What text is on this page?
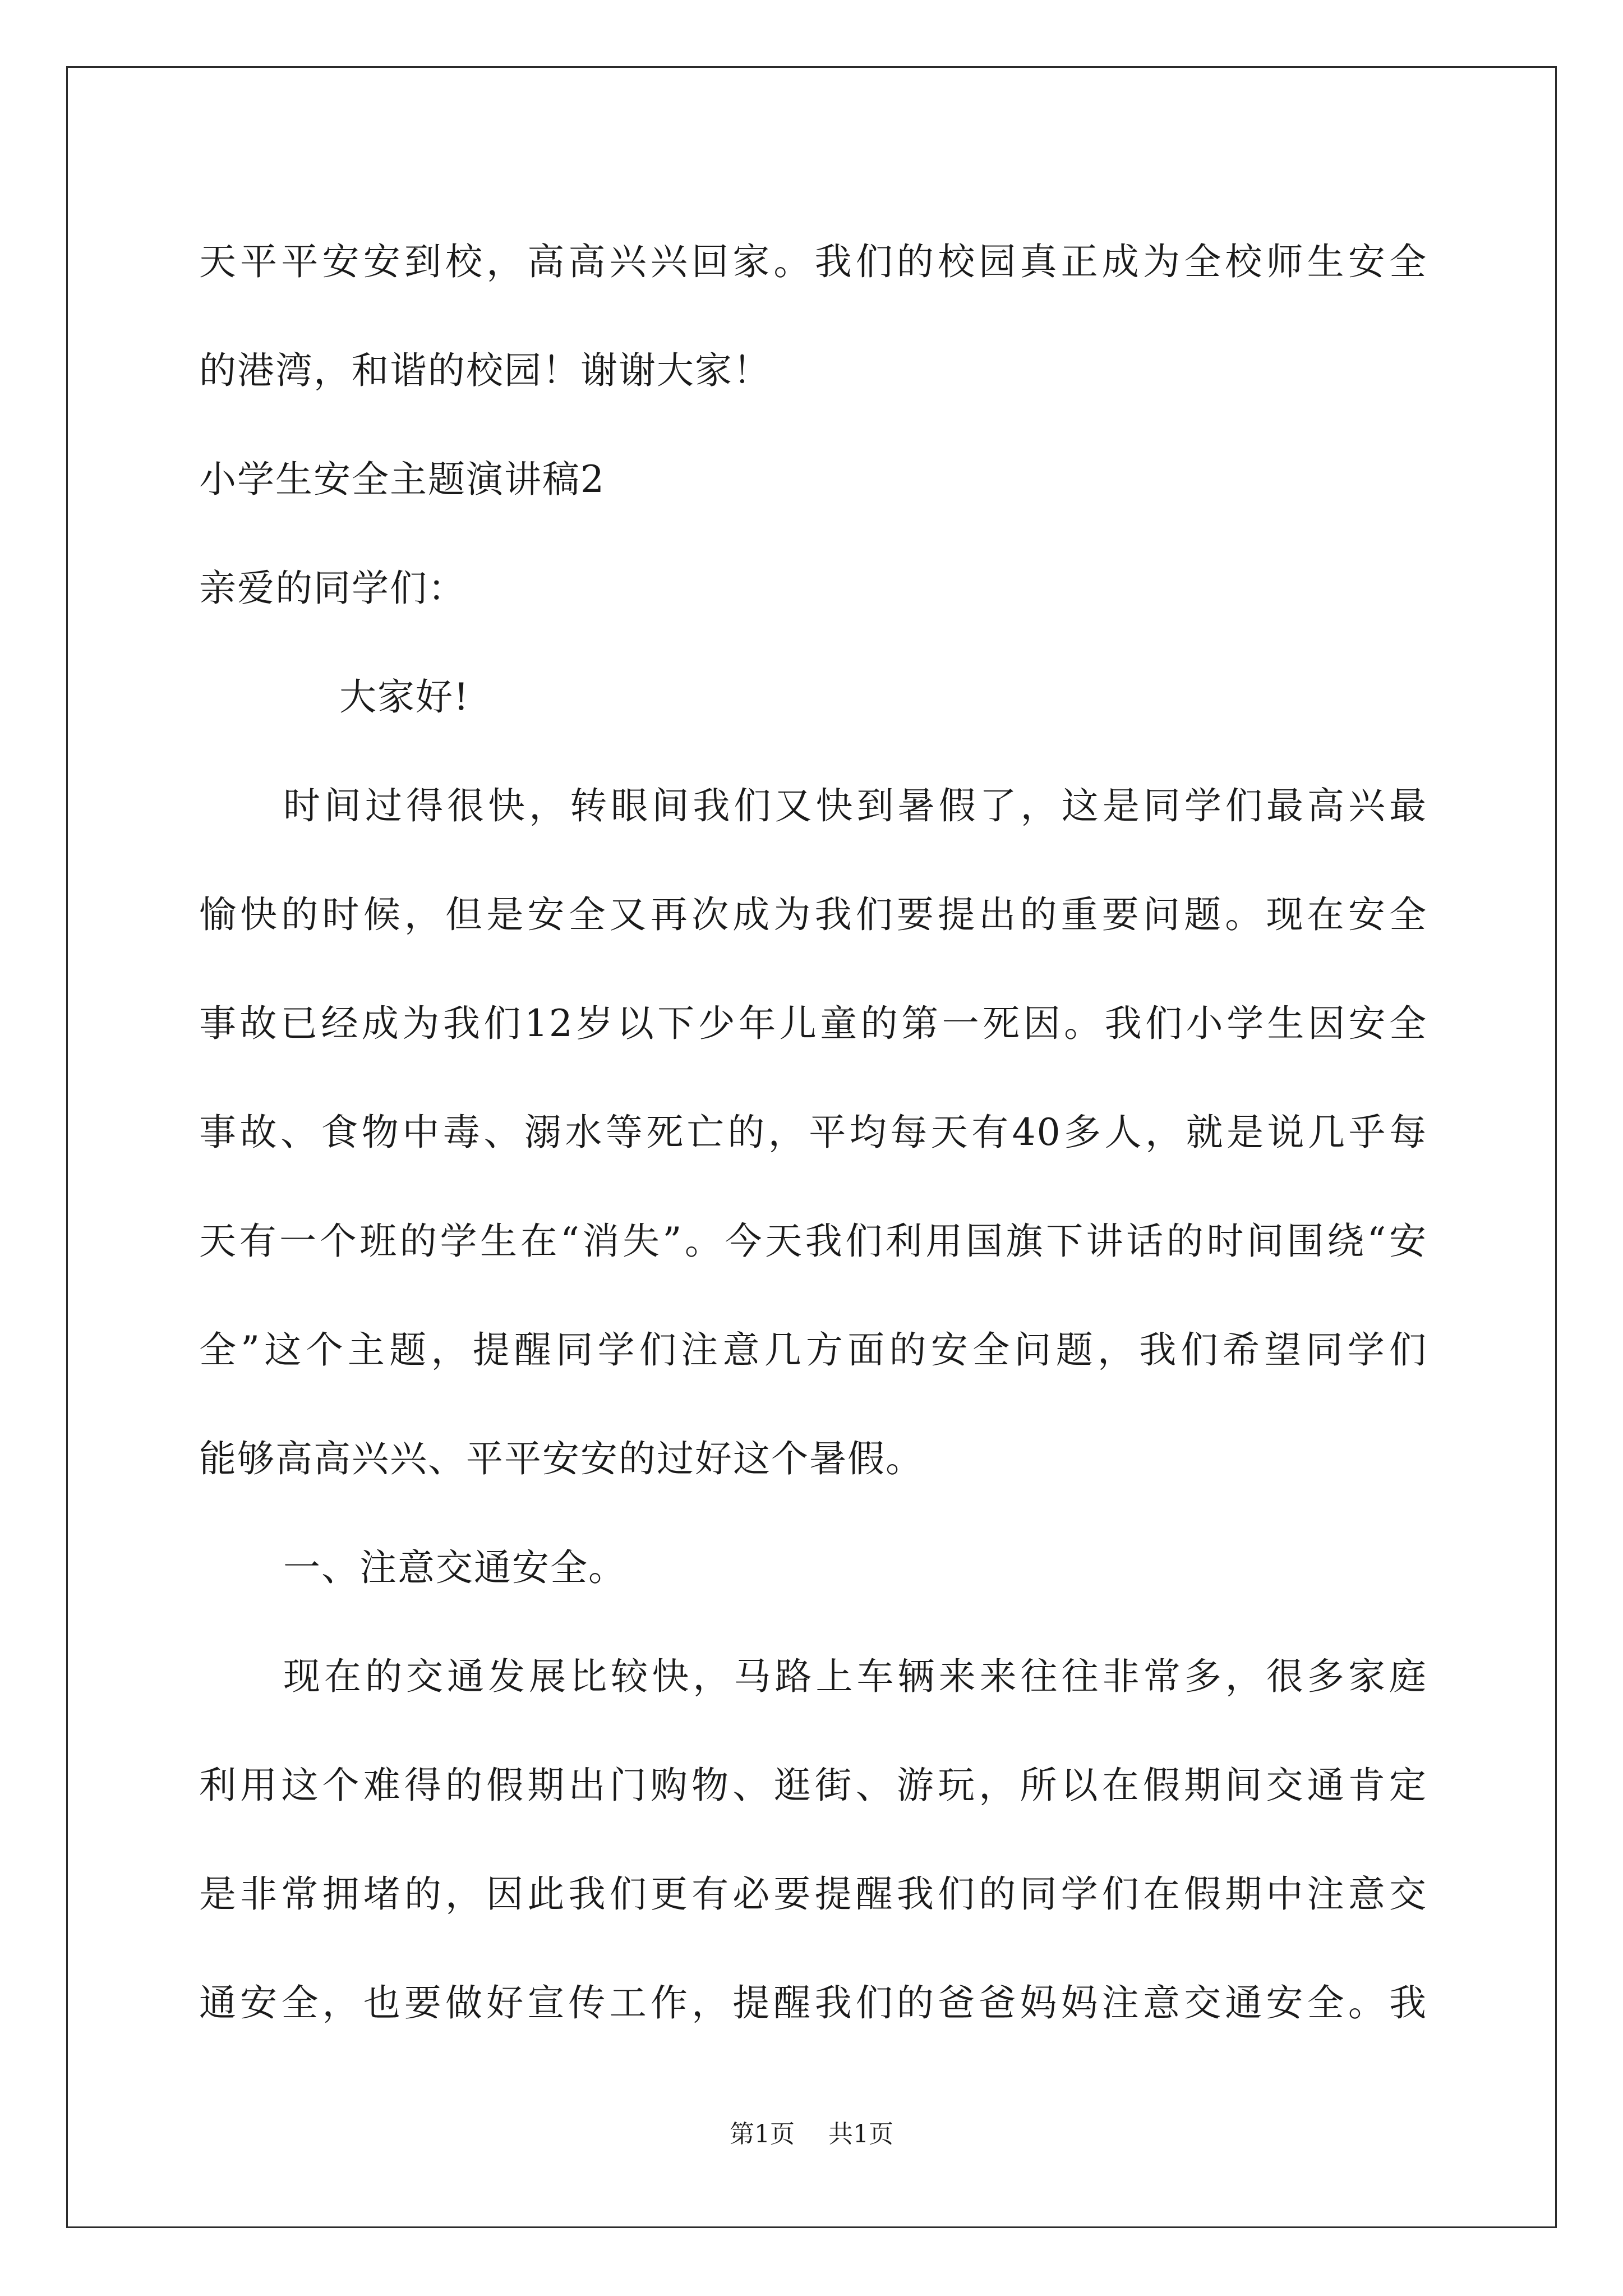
天平平安安到校，高高兴兴回家。我们的校园真正成为全校师生安全
的港湾，和谐的校园！谢谢大家！
小学生安全主题演讲稿2
亲爱的同学们：
大家好!
时间过得很快，转眼间我们又快到暑假了，这是同学们最高兴最
愉快的时候，但是安全又再次成为我们要提出的重要问题。现在安全
事故已经成为我们12岁以下少年儿童的第一死因。我们小学生因安全
事故、食物中毒、溺水等死亡的，平均每天有40多人，就是说几乎每
天有一个班的学生在“消失”。今天我们利用国旗下讲话的时间围绕“安
全”这个主题，提醒同学们注意几方面的安全问题，我们希望同学们
能够高高兴兴、平平安安的过好这个暑假。
一、注意交通安全。
现在的交通发展比较快，马路上车辆来来往往非常多，很多家庭
利用这个难得的假期出门购物、逛街、游玩，所以在假期间交通肯定
是非常拥堵的，因此我们更有必要提醒我们的同学们在假期中注意交
通安全，也要做好宣传工作，提醒我们的爸爸妈妈注意交通安全。我
第1页 共1页
